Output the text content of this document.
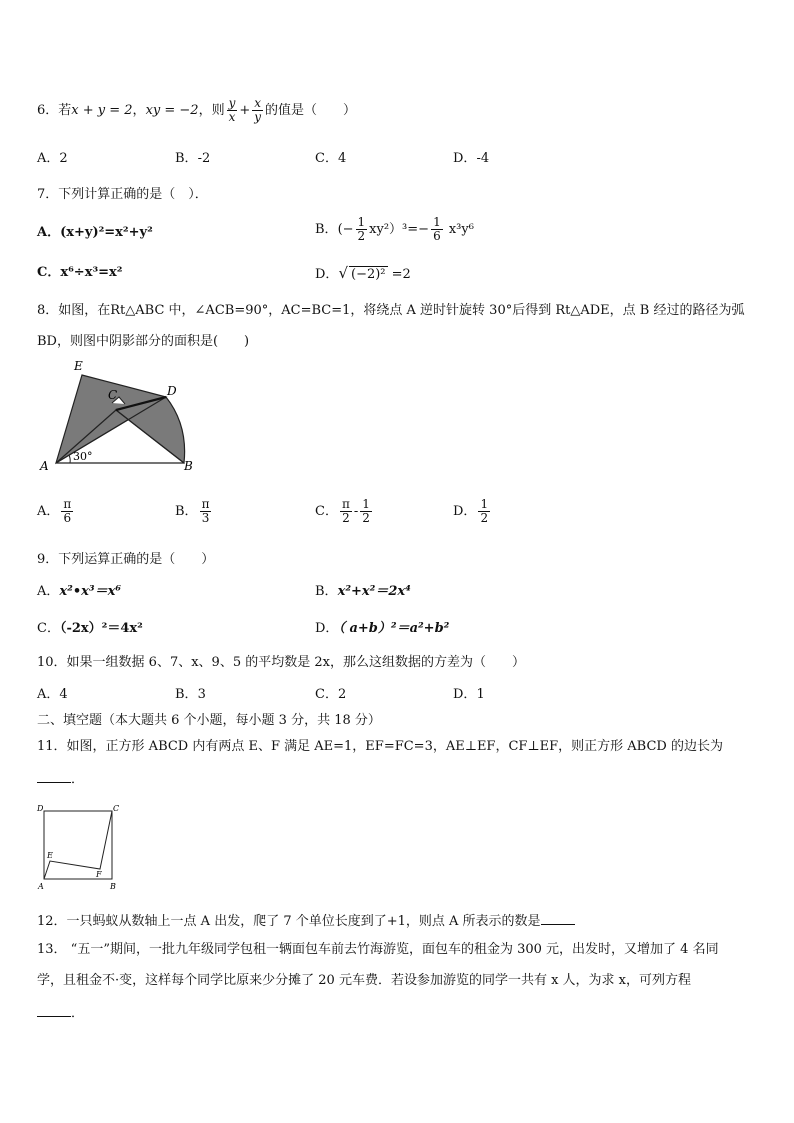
6．若x + y = 2，xy = −2，则 $\frac{y}{x} + \frac{x}{y}$ 的值是（　　）
A．2	B．-2	C．4	D．-4
7．下列计算正确的是（　）．
A．(x+y)²=x²+y²	B．(− $\frac{1}{2} xy^2)^3=- \frac{1}{6} x^3y^6$
C．x⁶÷x³=x²	D．√ (−2)² =2
8．如图，在Rt△ABC 中，∠ACB=90°，AC=BC=1，将绕点 A 逆时针旋转 30°后得到 Rt△ADE，点 B 经过的路径为弧
BD，则图中阴影部分的面积是(　　)
E
C	D
A	B
30°
A． $\frac{\pi}{6}$	B． $\frac{\pi}{3}$	C． $\frac{\pi}{2} - \frac{1}{2}$	D． $\frac{1}{2}$
9．下列运算正确的是（　　）
A．x²•x³＝x⁶	B．x²+x²＝2x⁴
C．（-2x）²＝4x²	D．（ a+b）²＝a²+b²
10．如果一组数据 6、7、x、9、5 的平均数是 2x，那么这组数据的方差为（　　）
A．4	B．3	C．2	D．1
二、填空题（本大题共 6 个小题，每小题 3 分，共 18 分）
11．如图，正方形 ABCD 内有两点 E、F 满足 AE=1，EF=FC=3，AE⊥EF，CF⊥EF，则正方形 ABCD 的边长为
．
D	C
E
F
A	B
12．一只蚂蚁从数轴上一点 A 出发，爬了 7 个单位长度到了+1，则点 A 所表示的数是
13． “五一”期间，一批九年级同学包租一辆面包车前去竹海游览，面包车的租金为 300 元，出发时，又增加了 4 名同
学，且租金不·变，这样每个同学比原来少分摊了 20 元车费．若设参加游览的同学一共有 x 人，为求 x，可列方程
．
